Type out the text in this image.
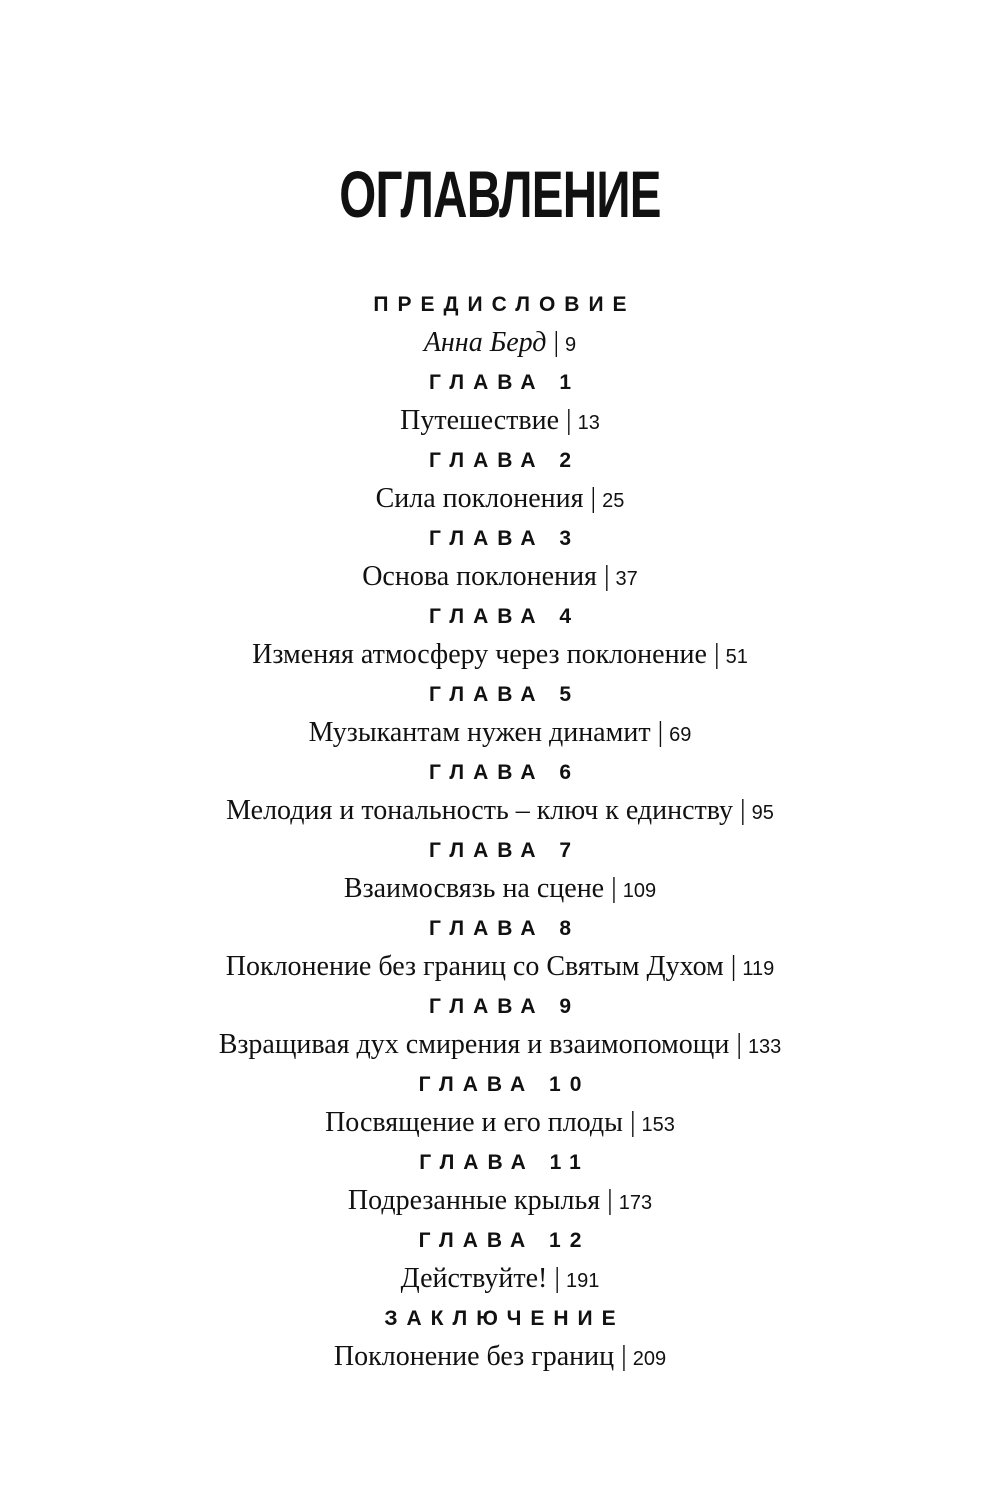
ОГЛАВЛЕНИЕ
ПРЕДИСЛОВИЕ
Анна Берд | 9
ГЛАВА 1
Путешествие | 13
ГЛАВА 2
Сила поклонения | 25
ГЛАВА 3
Основа поклонения | 37
ГЛАВА 4
Изменяя атмосферу через поклонение | 51
ГЛАВА 5
Музыкантам нужен динамит | 69
ГЛАВА 6
Мелодия и тональность – ключ к единству | 95
ГЛАВА 7
Взаимосвязь на сцене | 109
ГЛАВА 8
Поклонение без границ со Святым Духом | 119
ГЛАВА 9
Взращивая дух смирения и взаимопомощи | 133
ГЛАВА 10
Посвящение и его плоды | 153
ГЛАВА 11
Подрезанные крылья | 173
ГЛАВА 12
Действуйте! | 191
ЗАКЛЮЧЕНИЕ
Поклонение без границ | 209
